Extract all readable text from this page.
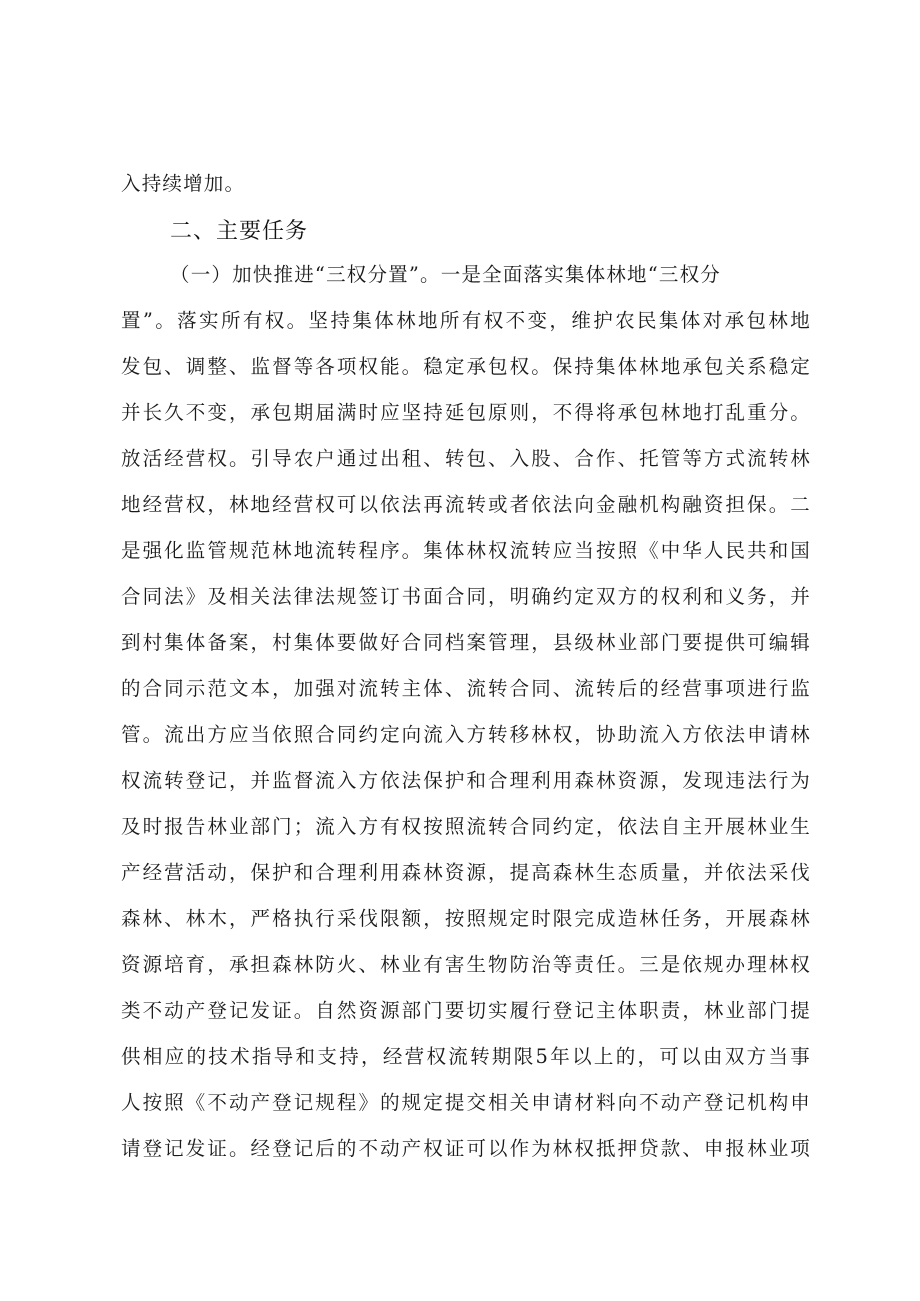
入持续增加。
二、主要任务
（一）加快推进“三权分置”。一是全面落实集体林地“三权分
置”。落实所有权。坚持集体林地所有权不变，维护农民集体对承包林地
发包、调整、监督等各项权能。稳定承包权。保持集体林地承包关系稳定
并长久不变，承包期届满时应坚持延包原则，不得将承包林地打乱重分。
放活经营权。引导农户通过出租、转包、入股、合作、托管等方式流转林
地经营权，林地经营权可以依法再流转或者依法向金融机构融资担保。二
是强化监管规范林地流转程序。集体林权流转应当按照《中华人民共和国
合同法》及相关法律法规签订书面合同，明确约定双方的权利和义务，并
到村集体备案，村集体要做好合同档案管理，县级林业部门要提供可编辑
的合同示范文本，加强对流转主体、流转合同、流转后的经营事项进行监
管。流出方应当依照合同约定向流入方转移林权，协助流入方依法申请林
权流转登记，并监督流入方依法保护和合理利用森林资源，发现违法行为
及时报告林业部门；流入方有权按照流转合同约定，依法自主开展林业生
产经营活动，保护和合理利用森林资源，提高森林生态质量，并依法采伐
森林、林木，严格执行采伐限额，按照规定时限完成造林任务，开展森林
资源培育，承担森林防火、林业有害生物防治等责任。三是依规办理林权
类不动产登记发证。自然资源部门要切实履行登记主体职责，林业部门提
供相应的技术指导和支持，经营权流转期限5年以上的，可以由双方当事
人按照《不动产登记规程》的规定提交相关申请材料向不动产登记机构申
请登记发证。经登记后的不动产权证可以作为林权抵押贷款、申报林业项
